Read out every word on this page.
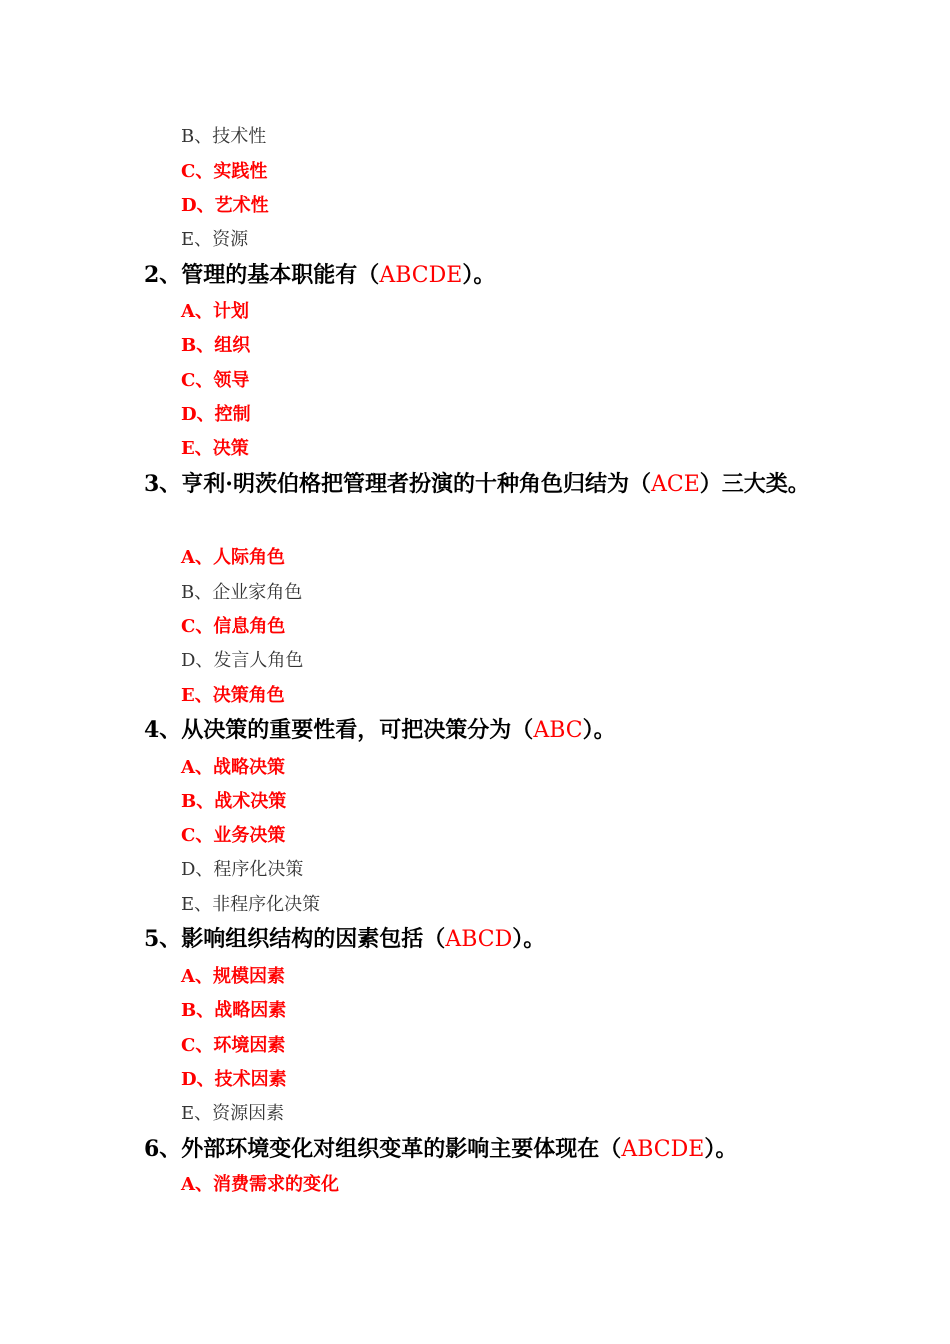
B、技术性
C、实践性
D、艺术性
E、资源
2、管理的基本职能有（ABCDE）。
A、计划
B、组织
C、领导
D、控制
E、决策
3、亨利·明茨伯格把管理者扮演的十种角色归结为（ACE）三大类。
A、人际角色
B、企业家角色
C、信息角色
D、发言人角色
E、决策角色
4、从决策的重要性看，可把决策分为（ABC）。
A、战略决策
B、战术决策
C、业务决策
D、程序化决策
E、非程序化决策
5、影响组织结构的因素包括（ABCD）。
A、规模因素
B、战略因素
C、环境因素
D、技术因素
E、资源因素
6、外部环境变化对组织变革的影响主要体现在（ABCDE）。
A、消费需求的变化
